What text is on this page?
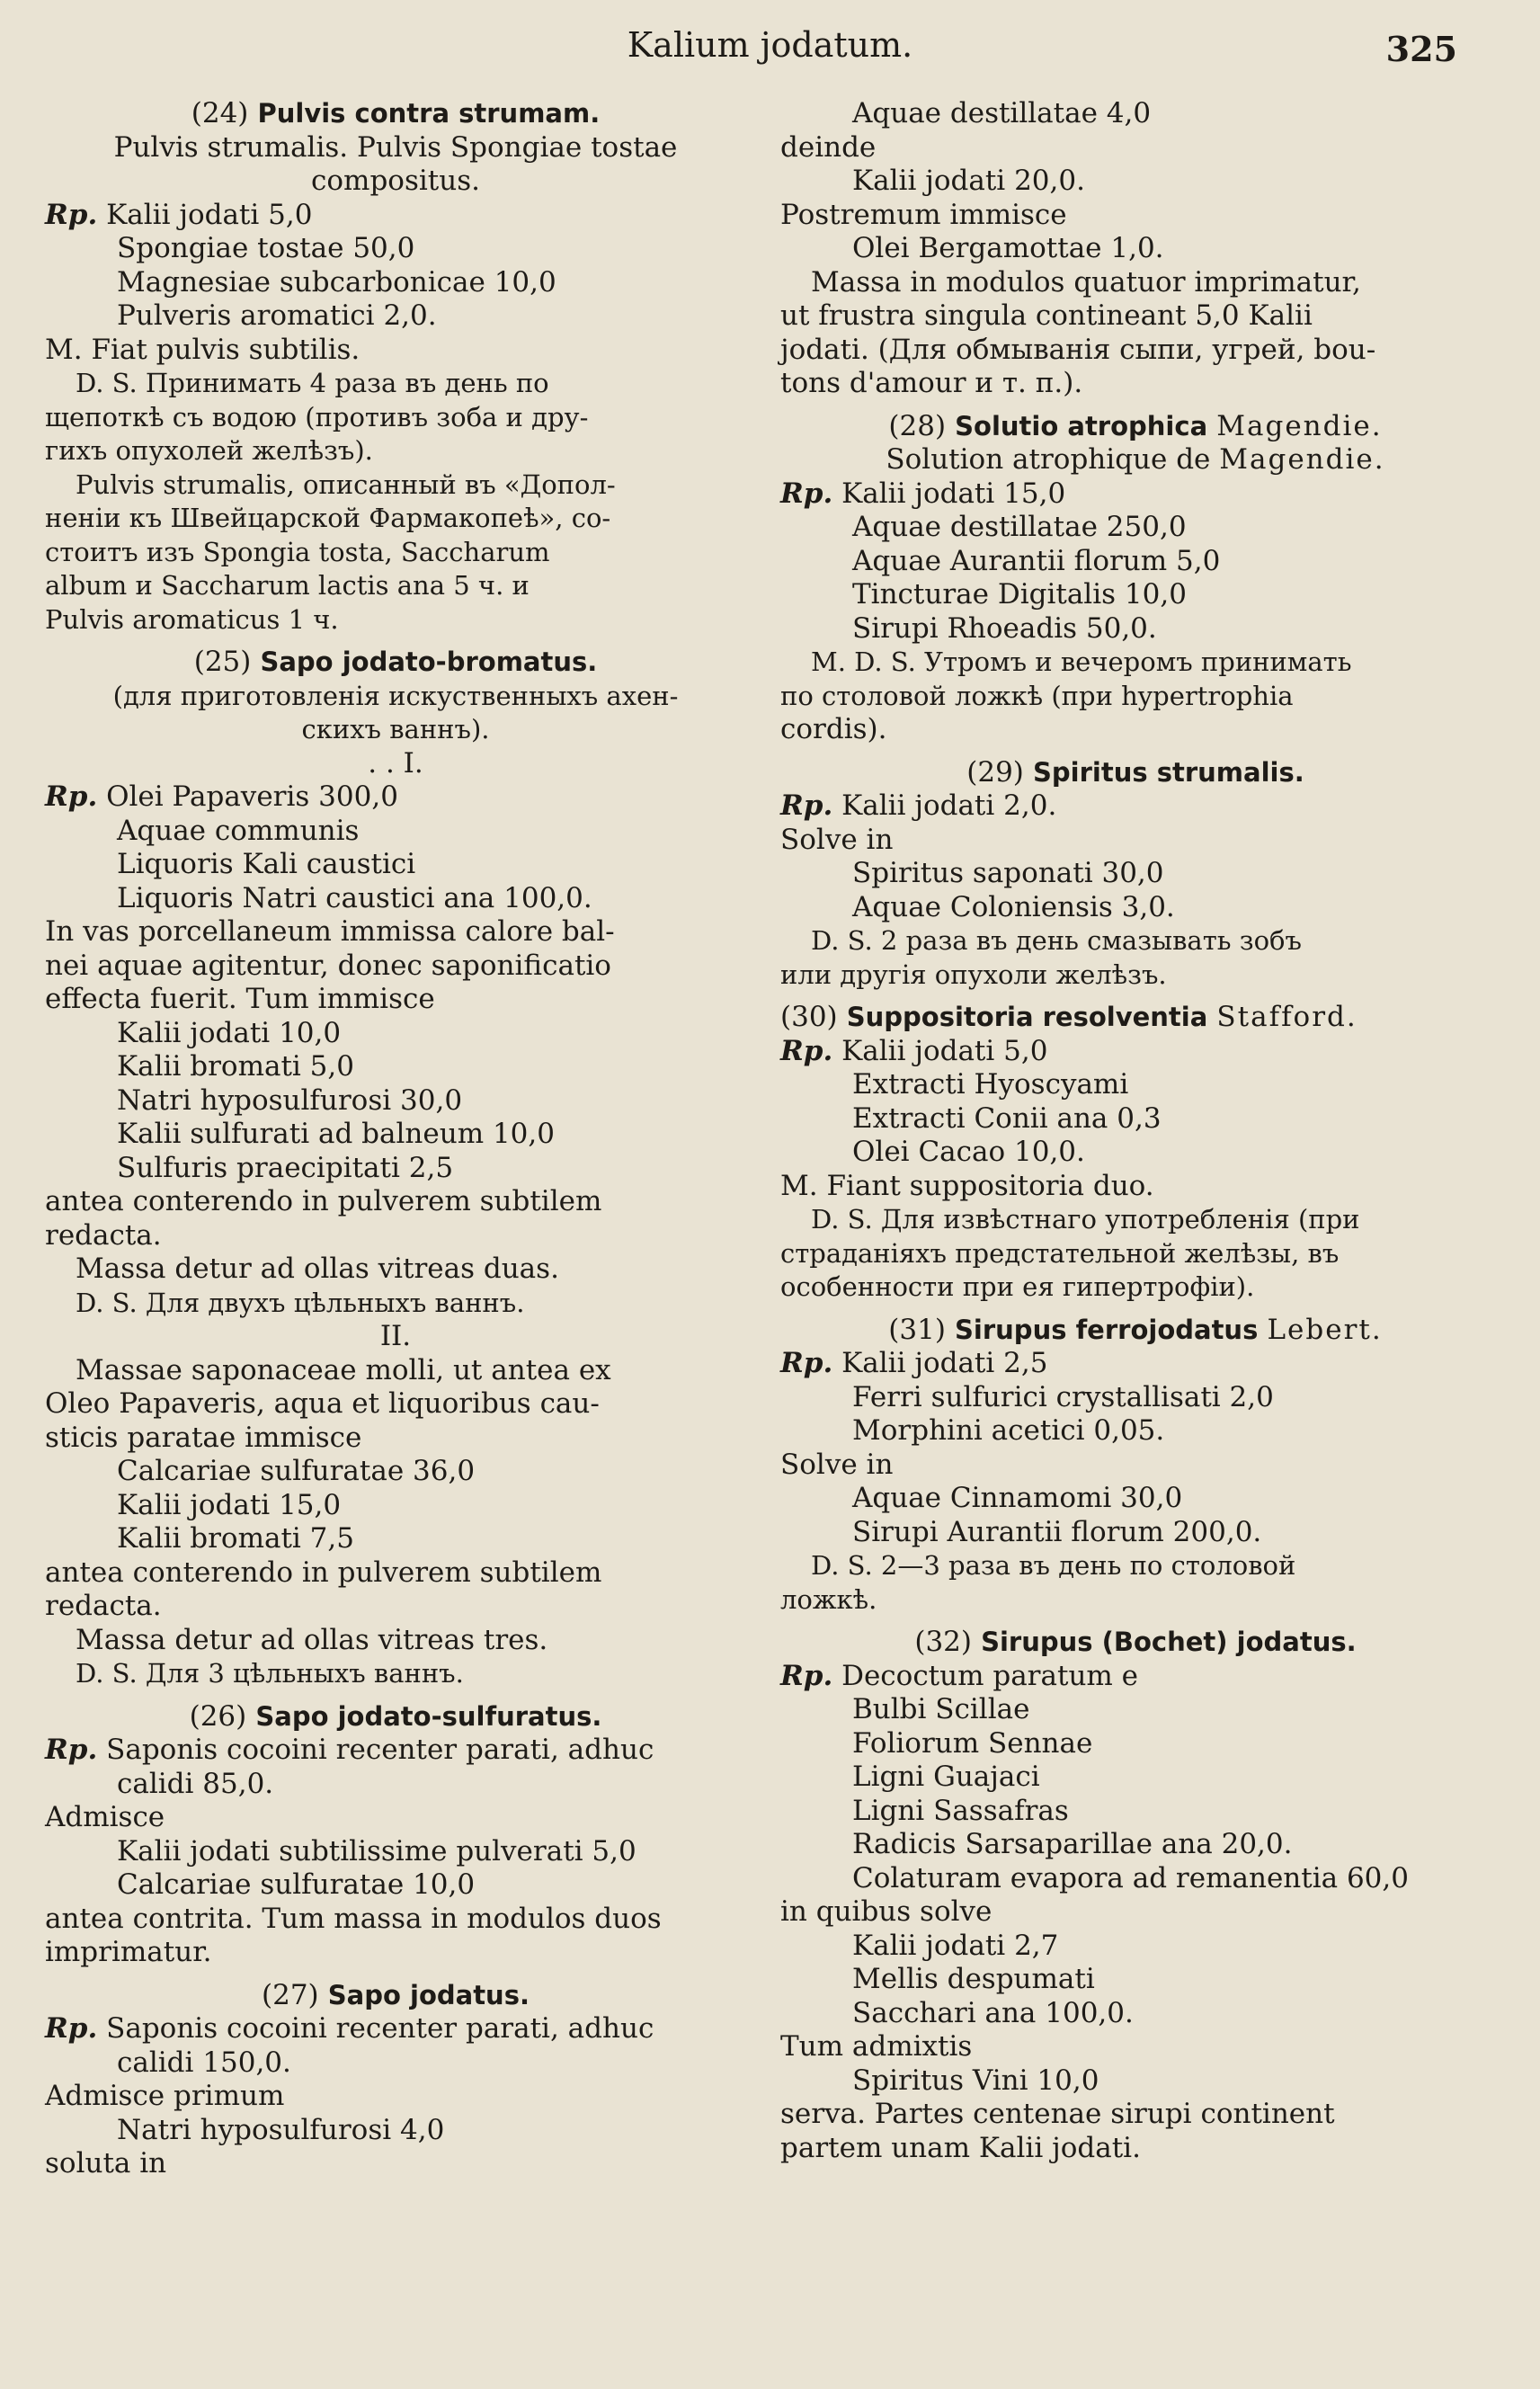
Kalium jodatum.	325
(24) Pulvis contra strumam.
Pulvis strumalis. Pulvis Spongiae tostae
compositus.
Rp. Kalii jodati 5,0
Spongiae tostae 50,0
Magnesiae subcarbonicae 10,0
Pulveris aromatici 2,0.
M. Fiat pulvis subtilis.
D. S. Принимать 4 раза въ день по
щепоткѣ съ водою (противъ зоба и дру-
гихъ опухолей желѣзъ).
Pulvis strumalis, описанный въ «Допол-
неніи къ Швейцарской Фармакопеѣ», со-
стоитъ изъ Spongia tosta, Saccharum
album и Saccharum lactis ana 5 ч. и
Pulvis aromaticus 1 ч.
(25) Sapo jodato-bromatus.
(для приготовленія искуственныхъ ахен-
скихъ ваннъ).
. . I.
Rp. Olei Papaveris 300,0
Aquae communis
Liquoris Kali caustici
Liquoris Natri caustici ana 100,0.
In vas porcellaneum immissa calore bal-
nei aquae agitentur, donec saponificatio
effecta fuerit. Tum immisce
Kalii jodati 10,0
Kalii bromati 5,0
Natri hyposulfurosi 30,0
Kalii sulfurati ad balneum 10,0
Sulfuris praecipitati 2,5
antea conterendo in pulverem subtilem
redacta.
Massa detur ad ollas vitreas duas.
D. S. Для двухъ цѣльныхъ ваннъ.
II.
Massae saponaceae molli, ut antea ex
Oleo Papaveris, aqua et liquoribus cau-
sticis paratae immisce
Calcariae sulfuratae 36,0
Kalii jodati 15,0
Kalii bromati 7,5
antea conterendo in pulverem subtilem
redacta.
Massa detur ad ollas vitreas tres.
D. S. Для 3 цѣльныхъ ваннъ.
(26) Sapo jodato-sulfuratus.
Rp. Saponis cocoini recenter parati, adhuc
calidi 85,0.
Admisce
Kalii jodati subtilissime pulverati 5,0
Calcariae sulfuratae 10,0
antea contrita. Tum massa in modulos duos
imprimatur.
(27) Sapo jodatus.
Rp. Saponis cocoini recenter parati, adhuc
calidi 150,0.
Admisce primum
Natri hyposulfurosi 4,0
soluta in
Aquae destillatae 4,0
deinde
Kalii jodati 20,0.
Postremum immisce
Olei Bergamottae 1,0.
Massa in modulos quatuor imprimatur,
ut frustra singula contineant 5,0 Kalii
jodati. (Для обмыванія сыпи, угрей, bou-
tons d'amour и т. п.).
(28) Solutio atrophica Magendie.
Solution atrophique de Magendie.
Rp. Kalii jodati 15,0
Aquae destillatae 250,0
Aquae Aurantii florum 5,0
Tincturae Digitalis 10,0
Sirupi Rhoeadis 50,0.
M. D. S. Утромъ и вечеромъ принимать
по столовой ложкѣ (при hypertrophia
cordis).
(29) Spiritus strumalis.
Rp. Kalii jodati 2,0.
Solve in
Spiritus saponati 30,0
Aquae Coloniensis 3,0.
D. S. 2 раза въ день смазывать зобъ
или другія опухоли желѣзъ.
(30) Suppositoria resolventia Stafford.
Rp. Kalii jodati 5,0
Extracti Hyoscyami
Extracti Conii ana 0,3
Olei Cacao 10,0.
M. Fiant suppositoria duo.
D. S. Для извѣстнаго употребленія (при
страданіяхъ предстательной желѣзы, въ
особенности при ея гипертрофіи).
(31) Sirupus ferrojodatus Lebert.
Rp. Kalii jodati 2,5
Ferri sulfurici crystallisati 2,0
Morphini acetici 0,05.
Solve in
Aquae Cinnamomi 30,0
Sirupi Aurantii florum 200,0.
D. S. 2—3 раза въ день по столовой
ложкѣ.
(32) Sirupus (Bochet) jodatus.
Rp. Decoctum paratum e
Bulbi Scillae
Foliorum Sennae
Ligni Guajaci
Ligni Sassafras
Radicis Sarsaparillae ana 20,0.
Colaturam evapora ad remanentia 60,0
in quibus solve
Kalii jodati 2,7
Mellis despumati
Sacchari ana 100,0.
Tum admixtis
Spiritus Vini 10,0
serva. Partes centenae sirupi continent
partem unam Kalii jodati.
